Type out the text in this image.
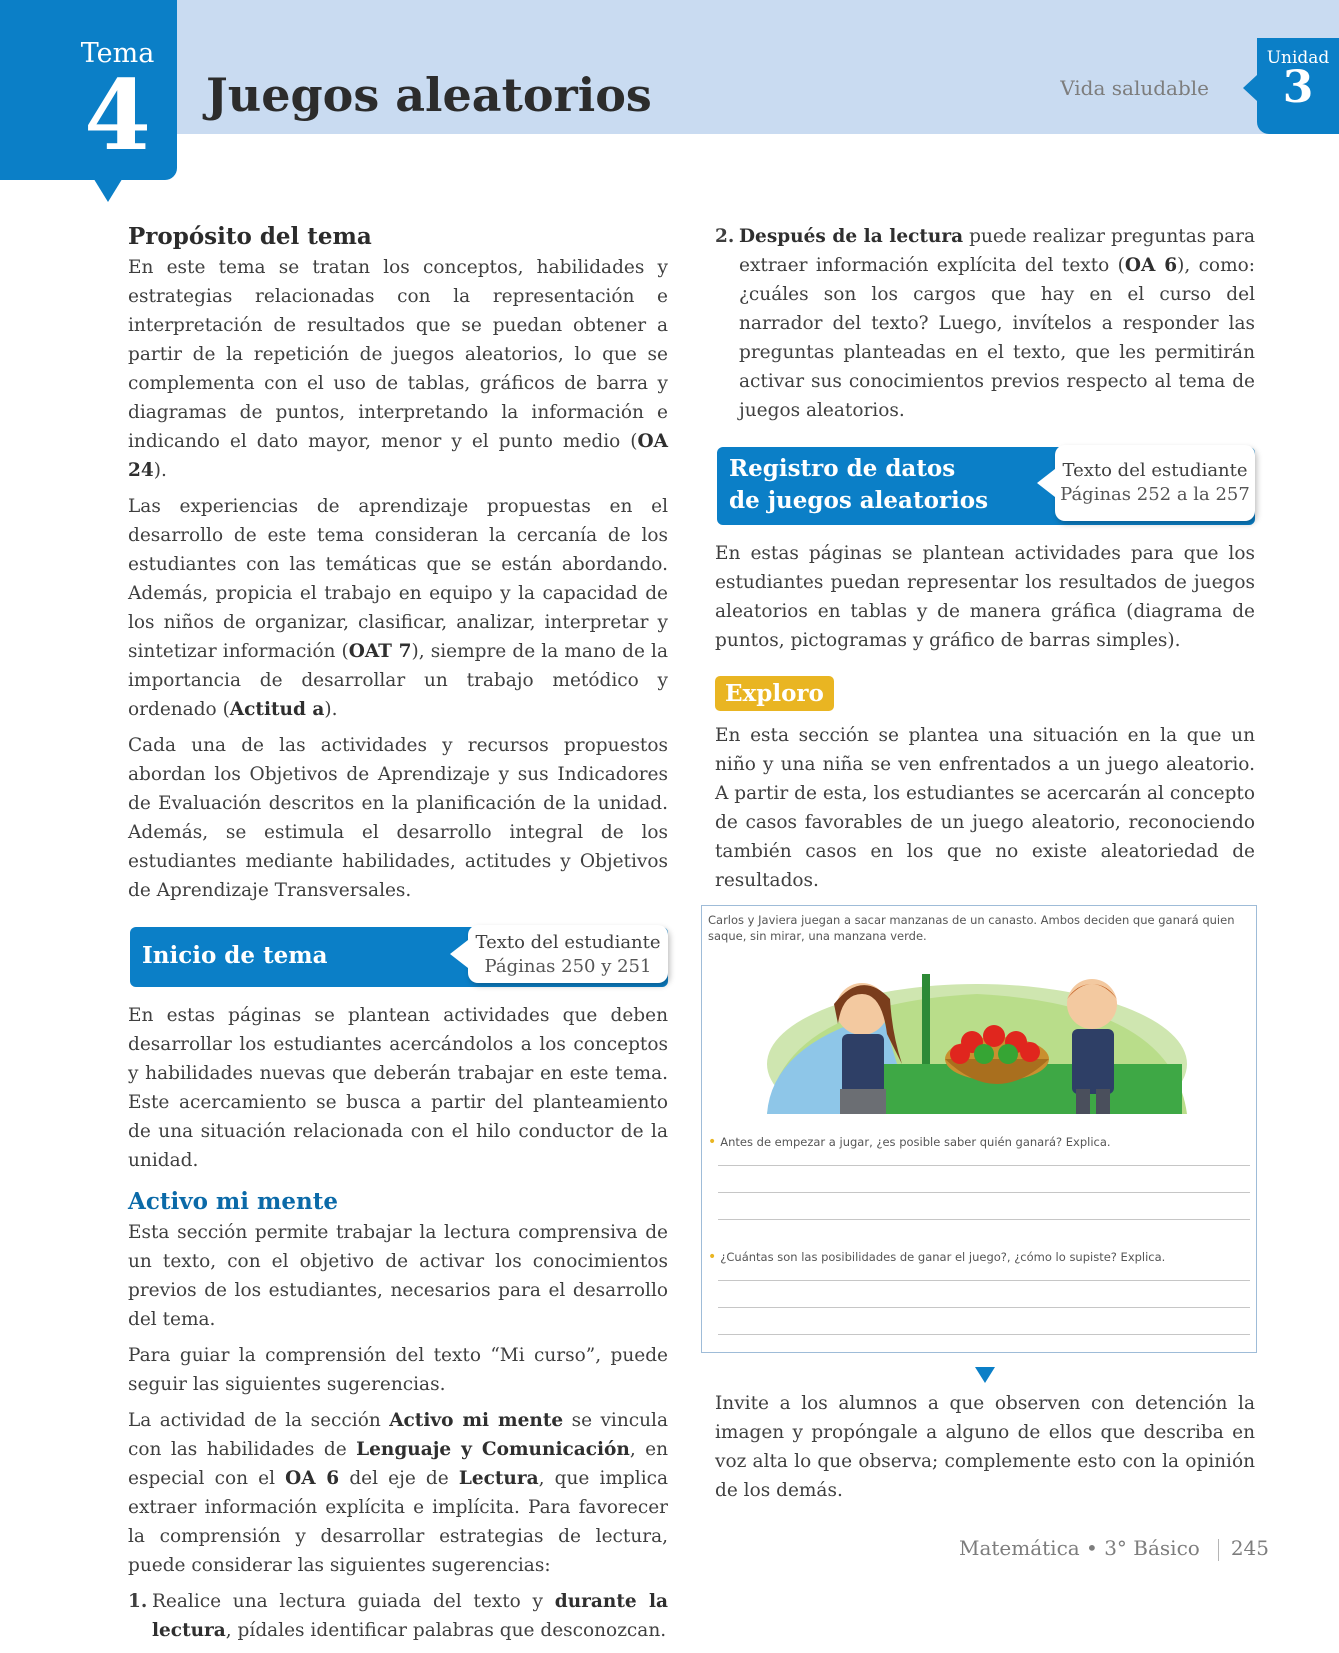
Tema
4	Juegos aleatorios	Vida saludable
Unidad
3
Propósito del tema

En este tema se tratan los conceptos, habilidades y estrategias relacionadas con la representación e interpretación de resultados que se puedan obtener a partir de la repetición de juegos aleatorios, lo que se complementa con el uso de tablas, gráficos de barra y diagramas de puntos, interpretando la información e indicando el dato mayor, menor y el punto medio (OA 24).

Las experiencias de aprendizaje propuestas en el desarrollo de este tema consideran la cercanía de los estudiantes con las temáticas que se están abordando. Además, propicia el trabajo en equipo y la capacidad de los niños de organizar, clasificar, analizar, interpretar y sintetizar información (OAT 7), siempre de la mano de la importancia de desarrollar un trabajo metódico y ordenado (Actitud a).

Cada una de las actividades y recursos propuestos abordan los Objetivos de Aprendizaje y sus Indicadores de Evaluación descritos en la planificación de la unidad. Además, se estimula el desarrollo integral de los estudiantes mediante habilidades, actitudes y Objetivos de Aprendizaje Transversales.

Inicio de tema	Texto del estudiante
Páginas 250 y 251

En estas páginas se plantean actividades que deben desarrollar los estudiantes acercándolos a los conceptos y habilidades nuevas que deberán trabajar en este tema. Este acercamiento se busca a partir del planteamiento de una situación relacionada con el hilo conductor de la unidad.

Activo mi mente

Esta sección permite trabajar la lectura comprensiva de un texto, con el objetivo de activar los conocimientos previos de los estudiantes, necesarios para el desarrollo del tema.

Para guiar la comprensión del texto “Mi curso”, puede seguir las siguientes sugerencias.

La actividad de la sección Activo mi mente se vincula con las habilidades de Lenguaje y Comunicación, en especial con el OA 6 del eje de Lectura, que implica extraer información explícita e implícita. Para favorecer la comprensión y desarrollar estrategias de lectura, puede considerar las siguientes sugerencias:

1. Realice una lectura guiada del texto y durante la lectura, pídales identificar palabras que desconozcan.
2. Después de la lectura puede realizar preguntas para extraer información explícita del texto (OA 6), como: ¿cuáles son los cargos que hay en el curso del narrador del texto? Luego, invítelos a responder las preguntas planteadas en el texto, que les permitirán activar sus conocimientos previos respecto al tema de juegos aleatorios.
Registro de datos
de juegos aleatorios
Texto del estudiante
Páginas 252 a la 257

En estas páginas se plantean actividades para que los estudiantes puedan representar los resultados de juegos aleatorios en tablas y de manera gráfica (diagrama de puntos, pictogramas y gráfico de barras simples).

Exploro

En esta sección se plantea una situación en la que un niño y una niña se ven enfrentados a un juego aleatorio. A partir de esta, los estudiantes se acercarán al concepto de casos favorables de un juego aleatorio, reconociendo también casos en los que no existe aleatoriedad de resultados.

Carlos y Javiera juegan a sacar manzanas de un canasto. Ambos deciden que ganará quien saque, sin mirar, una manzana verde.
• Antes de empezar a jugar, ¿es posible saber quién ganará? Explica.
• ¿Cuántas son las posibilidades de ganar el juego?, ¿cómo lo supiste? Explica.

Invite a los alumnos a que observen con detención la imagen y propóngale a alguno de ellos que describa en voz alta lo que observa; complemente esto con la opinión de los demás.

Matemática • 3° Básico 245
